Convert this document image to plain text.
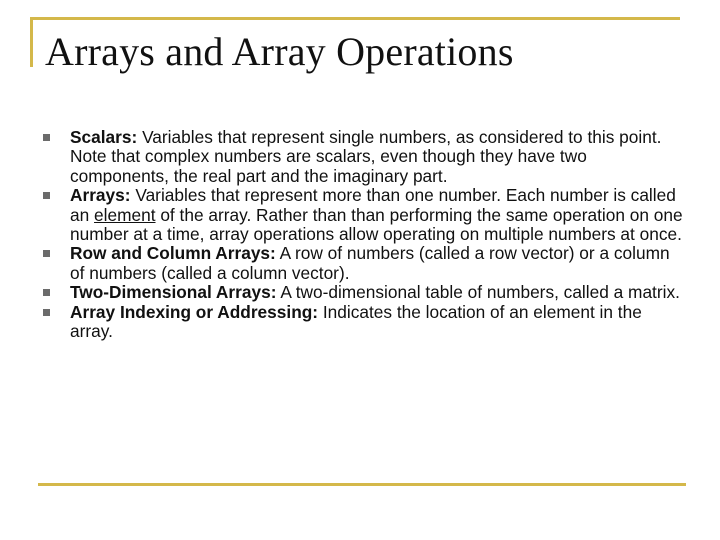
Arrays and Array Operations
Scalars: Variables that represent single numbers, as considered to this point. Note that complex numbers are scalars, even though they have two components, the real part and the imaginary part.
Arrays: Variables that represent more than one number. Each number is called an element of the array. Rather than than performing the same operation on one number at a time, array operations allow operating on multiple numbers at once.
Row and Column Arrays: A row of numbers (called a row vector) or a column of numbers (called a column vector).
Two-Dimensional Arrays: A two-dimensional table of numbers, called a matrix.
Array Indexing or Addressing: Indicates the location of an element in the array.
